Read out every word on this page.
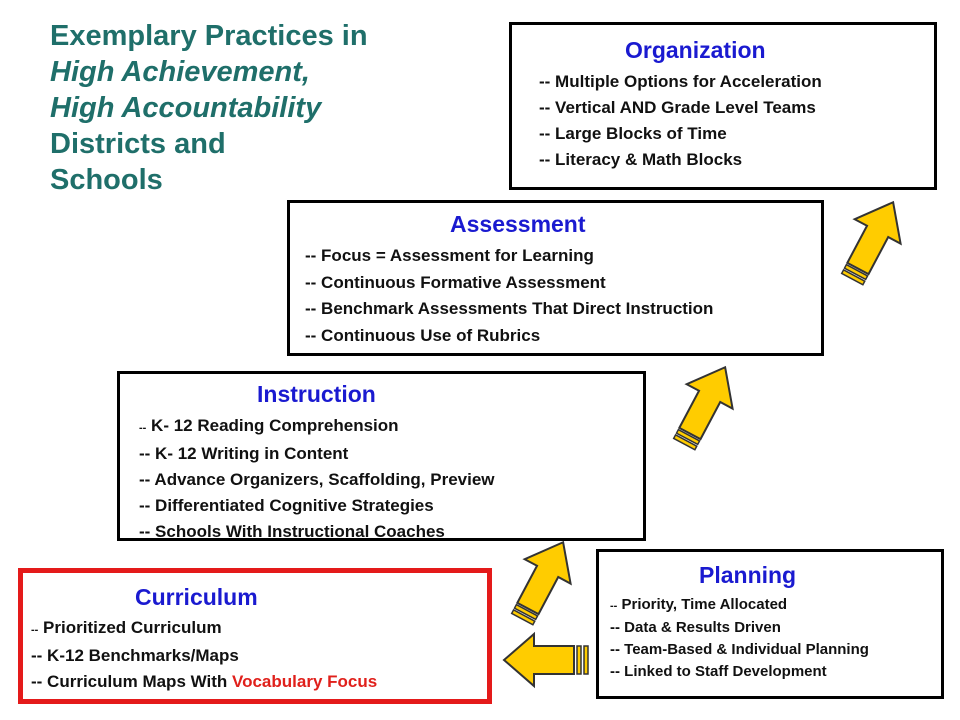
Exemplary Practices in
High Achievement,
High Accountability
Districts and
Schools
Organization
-- Multiple Options for Acceleration
-- Vertical AND Grade Level Teams
-- Large Blocks of Time
-- Literacy & Math Blocks
Assessment
-- Focus = Assessment for Learning
-- Continuous Formative Assessment
-- Benchmark Assessments That Direct Instruction
-- Continuous Use of Rubrics
Instruction
-- K- 12 Reading Comprehension
-- K- 12 Writing in Content
-- Advance Organizers, Scaffolding, Preview
-- Differentiated Cognitive Strategies
-- Schools With Instructional Coaches
Planning
-- Priority, Time Allocated
-- Data & Results Driven
-- Team-Based & Individual Planning
-- Linked to Staff Development
Curriculum
-- Prioritized Curriculum
-- K-12 Benchmarks/Maps
-- Curriculum Maps With Vocabulary Focus
